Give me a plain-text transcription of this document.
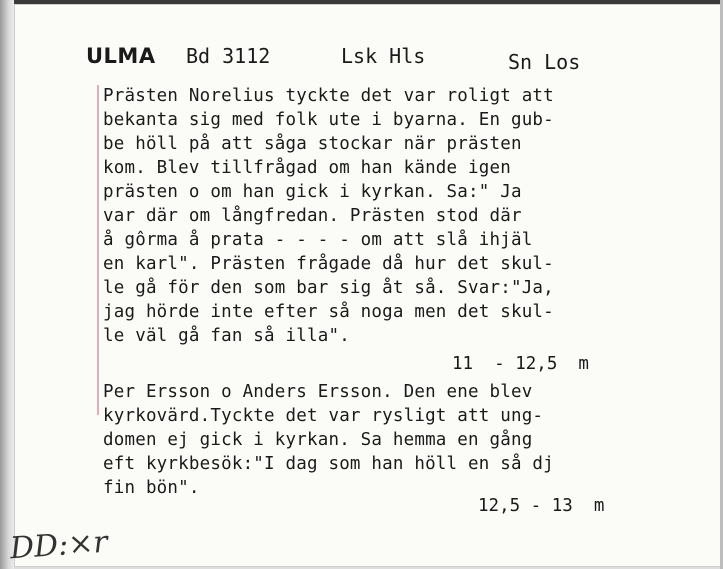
ULMA Bd 3112	Lsk Hls	Sn Los
Prästen Norelius tyckte det var roligt att
bekanta sig med folk ute i byarna. En gub-
be höll på att såga stockar när prästen
kom. Blev tillfrågad om han kände igen
prästen o om han gick i kyrkan. Sa:" Ja
var där om långfredan. Prästen stod där
å gôrma å prata - - - - om att slå ihjäl
en karl". Prästen frågade då hur det skul-
le gå för den som bar sig åt så. Svar:"Ja,
jag hörde inte efter så noga men det skul-
le väl gå fan så illa".
11  - 12,5  m
Per Ersson o Anders Ersson. Den ene blev
kyrkovärd.Tyckte det var rysligt att ung-
domen ej gick i kyrkan. Sa hemma en gång
eft kyrkbesök:"I dag som han höll en så dj
fin bön".
12,5 - 13  m
DD:×r
